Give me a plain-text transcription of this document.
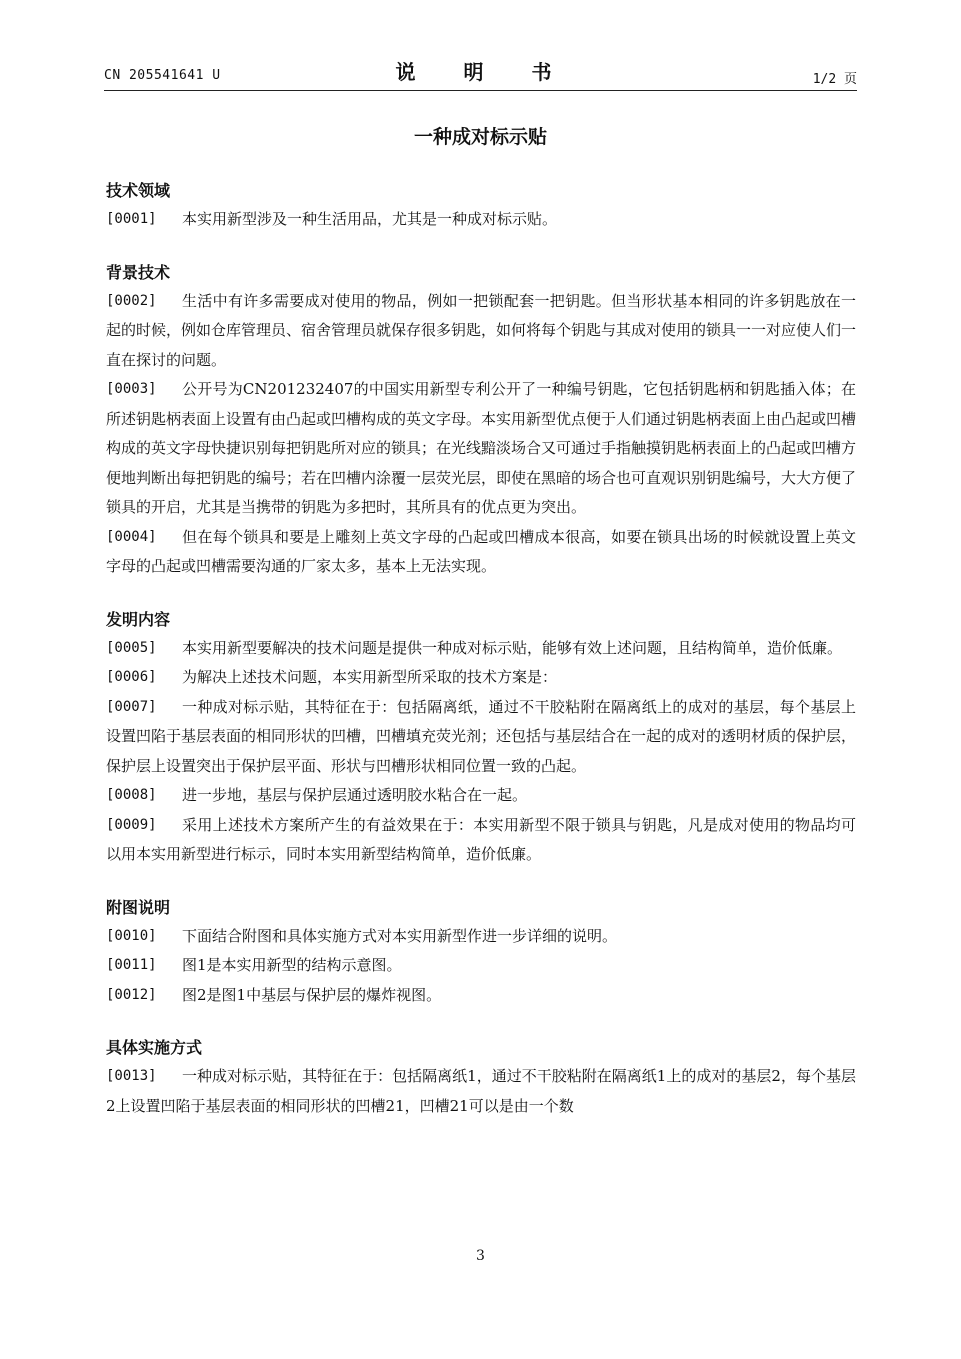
CN 205541641 U	说　明　书	1/2 页
一种成对标示贴
技术领域
[0001] 本实用新型涉及一种生活用品，尤其是一种成对标示贴。
背景技术
[0002] 生活中有许多需要成对使用的物品，例如一把锁配套一把钥匙。但当形状基本相同的许多钥匙放在一起的时候，例如仓库管理员、宿舍管理员就保存很多钥匙，如何将每个钥匙与其成对使用的锁具一一对应使人们一直在探讨的问题。
[0003] 公开号为CN201232407的中国实用新型专利公开了一种编号钥匙，它包括钥匙柄和钥匙插入体；在所述钥匙柄表面上设置有由凸起或凹槽构成的英文字母。本实用新型优点便于人们通过钥匙柄表面上由凸起或凹槽构成的英文字母快捷识别每把钥匙所对应的锁具；在光线黯淡场合又可通过手指触摸钥匙柄表面上的凸起或凹槽方便地判断出每把钥匙的编号；若在凹槽内涂覆一层荧光层，即使在黑暗的场合也可直观识别钥匙编号，大大方便了锁具的开启，尤其是当携带的钥匙为多把时，其所具有的优点更为突出。
[0004] 但在每个锁具和要是上雕刻上英文字母的凸起或凹槽成本很高，如要在锁具出场的时候就设置上英文字母的凸起或凹槽需要沟通的厂家太多，基本上无法实现。
发明内容
[0005] 本实用新型要解决的技术问题是提供一种成对标示贴，能够有效上述问题，且结构简单，造价低廉。
[0006] 为解决上述技术问题，本实用新型所采取的技术方案是：
[0007] 一种成对标示贴，其特征在于：包括隔离纸，通过不干胶粘附在隔离纸上的成对的基层，每个基层上设置凹陷于基层表面的相同形状的凹槽，凹槽填充荧光剂；还包括与基层结合在一起的成对的透明材质的保护层，保护层上设置突出于保护层平面、形状与凹槽形状相同位置一致的凸起。
[0008] 进一步地，基层与保护层通过透明胶水粘合在一起。
[0009] 采用上述技术方案所产生的有益效果在于：本实用新型不限于锁具与钥匙，凡是成对使用的物品均可以用本实用新型进行标示，同时本实用新型结构简单，造价低廉。
附图说明
[0010] 下面结合附图和具体实施方式对本实用新型作进一步详细的说明。
[0011] 图1是本实用新型的结构示意图。
[0012] 图2是图1中基层与保护层的爆炸视图。
具体实施方式
[0013] 一种成对标示贴，其特征在于：包括隔离纸1，通过不干胶粘附在隔离纸1上的成对的基层2，每个基层2上设置凹陷于基层表面的相同形状的凹槽21，凹槽21可以是由一个数
3
